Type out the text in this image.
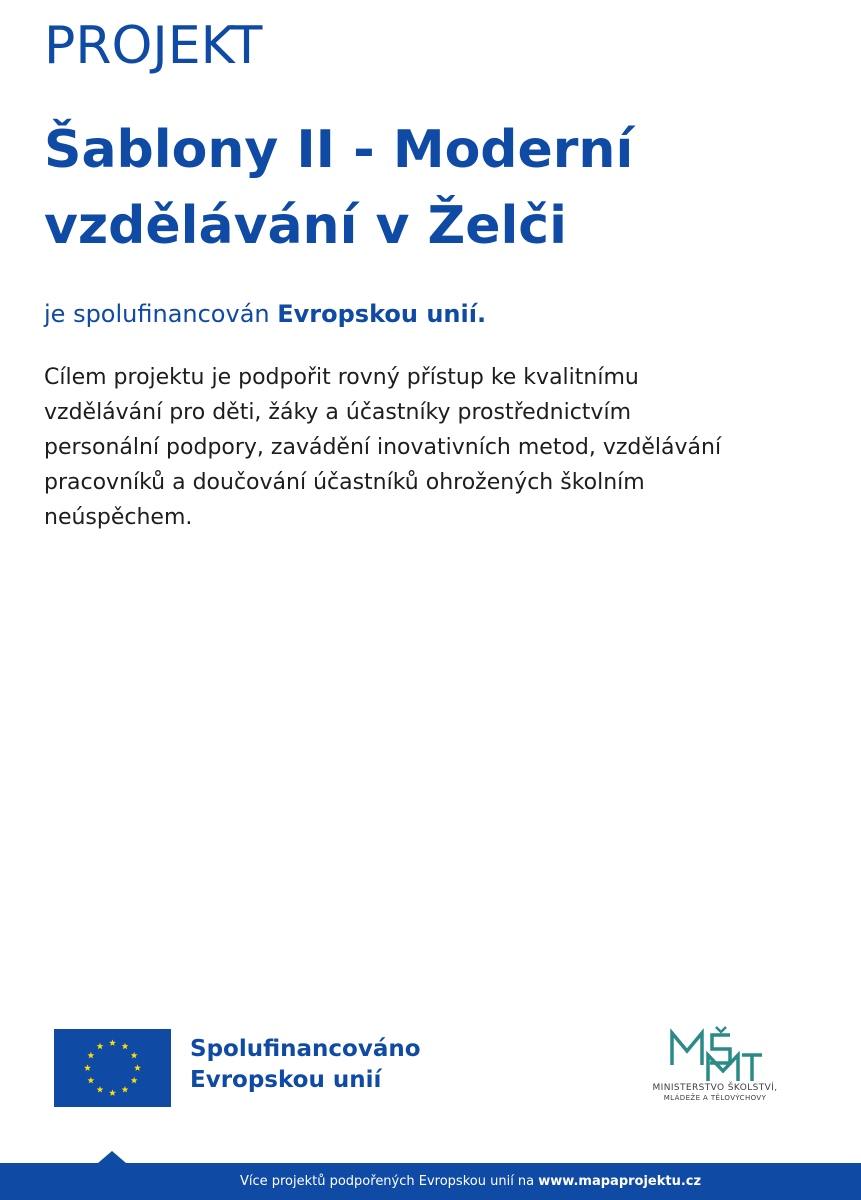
PROJEKT
Šablony II - Moderní
vzdělávání v Želči
je spolufinancován Evropskou unií.
Cílem projektu je podpořit rovný přístup ke kvalitnímu
vzdělávání pro děti, žáky a účastníky prostřednictvím
personální podpory, zavádění inovativních metod, vzdělávání
pracovníků a doučování účastníků ohrožených školním
neúspěchem.
Spolufinancováno
Evropskou unií	MINISTERSTVO ŠKOLSTVÍ,
MLÁDEŽE A TĚLOVÝCHOVY
Více projektů podpořených Evropskou unií na www.mapaprojektu.cz
